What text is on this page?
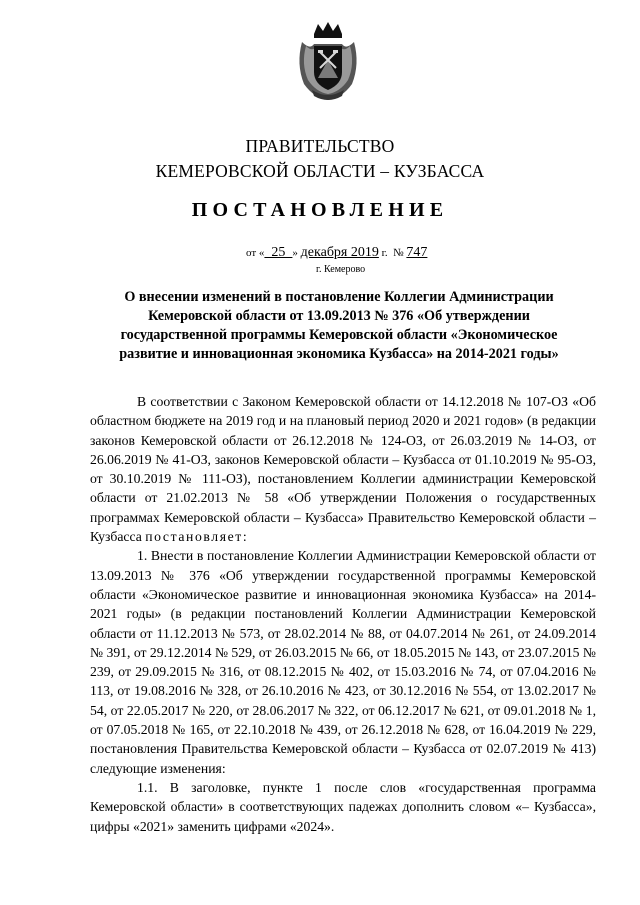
ПРАВИТЕЛЬСТВО
КЕМЕРОВСКОЙ ОБЛАСТИ – КУЗБАССА
ПОСТАНОВЛЕНИЕ
от «  25  » декабря 2019 г.  № 747
г. Кемерово
О внесении изменений в постановление Коллегии Администрации Кемеровской области от 13.09.2013 № 376 «Об утверждении государственной программы Кемеровской области «Экономическое развитие и инновационная экономика Кузбасса» на 2014-2021 годы»

В соответствии с Законом Кемеровской области от 14.12.2018 № 107-ОЗ «Об областном бюджете на 2019 год и на плановый период 2020 и 2021 годов» (в редакции законов Кемеровской области от 26.12.2018 № 124-ОЗ, от 26.03.2019 № 14-ОЗ, от 26.06.2019 № 41-ОЗ, законов Кемеровской области – Кузбасса от 01.10.2019 № 95-ОЗ, от 30.10.2019 № 111-ОЗ), постановлением Коллегии администрации Кемеровской области от 21.02.2013 № 58 «Об утверждении Положения о государственных программах Кемеровской области – Кузбасса» Правительство Кемеровской области – Кузбасса постановляет:

1. Внести в постановление Коллегии Администрации Кемеровской области от 13.09.2013 № 376 «Об утверждении государственной программы Кемеровской области «Экономическое развитие и инновационная экономика Кузбасса» на 2014-2021 годы» (в редакции постановлений Коллегии Администрации Кемеровской области от 11.12.2013 № 573, от 28.02.2014 № 88, от 04.07.2014 № 261, от 24.09.2014 № 391, от 29.12.2014 № 529, от 26.03.2015 № 66, от 18.05.2015 № 143, от 23.07.2015 № 239, от 29.09.2015 № 316, от 08.12.2015 № 402, от 15.03.2016 № 74, от 07.04.2016 № 113, от 19.08.2016 № 328, от 26.10.2016 № 423, от 30.12.2016 № 554, от 13.02.2017 № 54, от 22.05.2017 № 220, от 28.06.2017 № 322, от 06.12.2017 № 621, от 09.01.2018 № 1, от 07.05.2018 № 165, от 22.10.2018 № 439, от 26.12.2018 № 628, от 16.04.2019 № 229, постановления Правительства Кемеровской области – Кузбасса от 02.07.2019 № 413) следующие изменения:

1.1. В заголовке, пункте 1 после слов «государственная программа Кемеровской области» в соответствующих падежах дополнить словом «– Кузбасса», цифры «2021» заменить цифрами «2024».
